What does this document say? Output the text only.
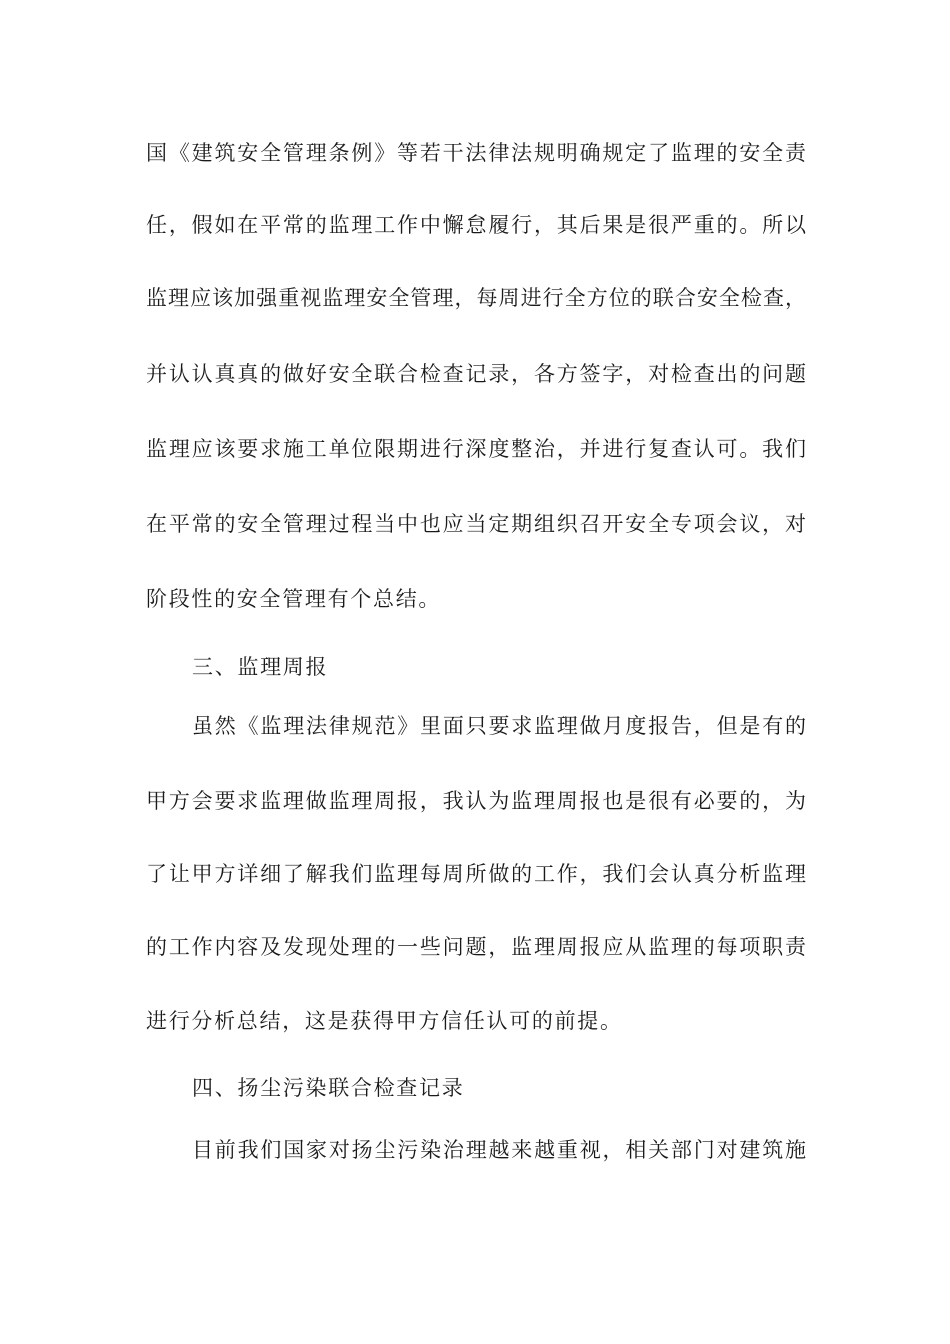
国《建筑安全管理条例》等若干法律法规明确规定了监理的安全责
任，假如在平常的监理工作中懈怠履行，其后果是很严重的。所以
监理应该加强重视监理安全管理，每周进行全方位的联合安全检查，
并认认真真的做好安全联合检查记录，各方签字，对检查出的问题
监理应该要求施工单位限期进行深度整治，并进行复查认可。我们
在平常的安全管理过程当中也应当定期组织召开安全专项会议，对
阶段性的安全管理有个总结。
三、监理周报
虽然《监理法律规范》里面只要求监理做月度报告，但是有的
甲方会要求监理做监理周报，我认为监理周报也是很有必要的，为
了让甲方详细了解我们监理每周所做的工作，我们会认真分析监理
的工作内容及发现处理的一些问题，监理周报应从监理的每项职责
进行分析总结，这是获得甲方信任认可的前提。
四、扬尘污染联合检查记录
目前我们国家对扬尘污染治理越来越重视，相关部门对建筑施
